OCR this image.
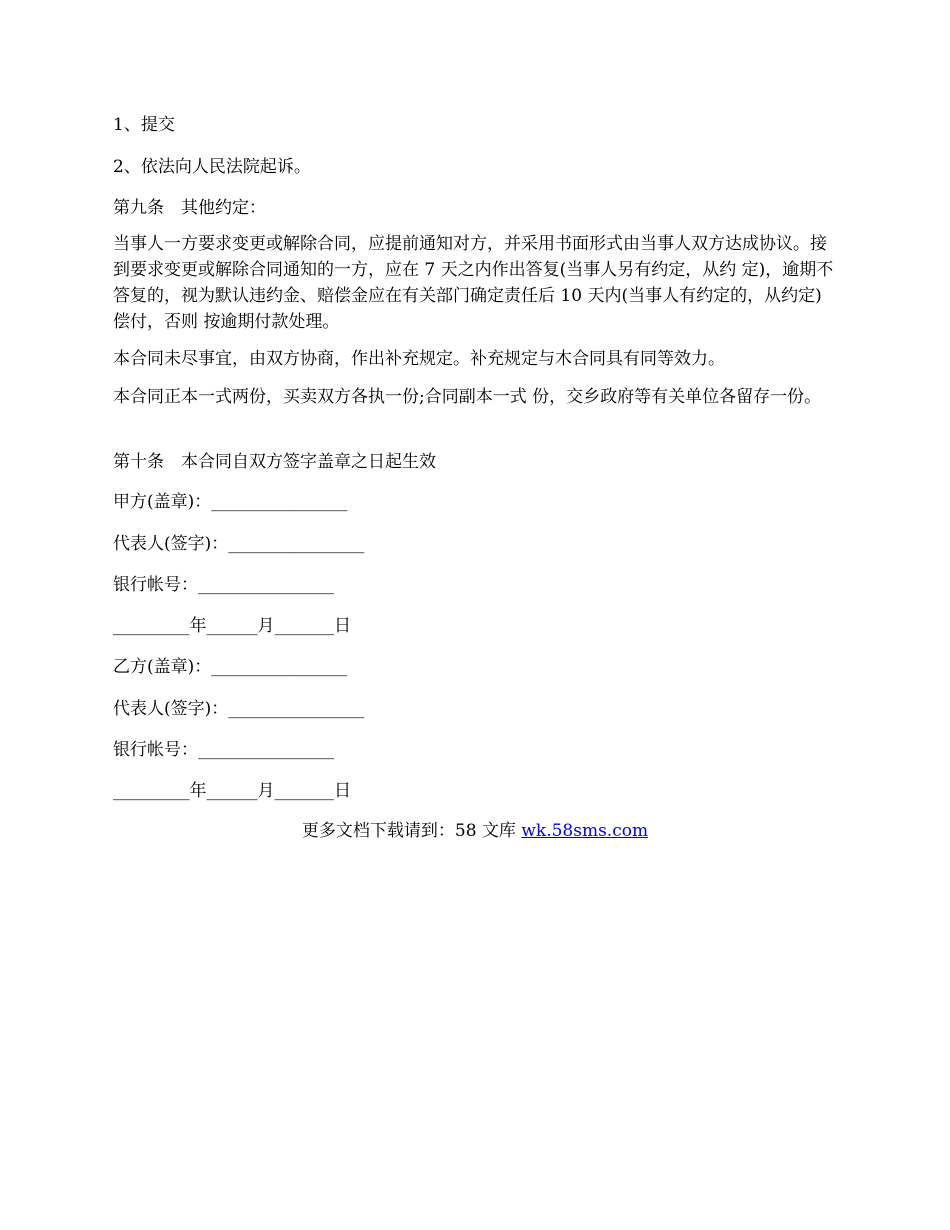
1、提交

2、依法向人民法院起诉。

第九条　其他约定：

当事人一方要求变更或解除合同，应提前通知对方，并采用书面形式由当事人双方达成协议。接到要求变更或解除合同通知的一方，应在 7 天之内作出答复(当事人另有约定，从约 定)，逾期不答复的，视为默认违约金、赔偿金应在有关部门确定责任后 10 天内(当事人有约定的，从约定)偿付，否则 按逾期付款处理。

本合同未尽事宜，由双方协商，作出补充规定。补充规定与木合同具有同等效力。

本合同正本一式两份，买卖双方各执一份;合同副本一式 份，交乡政府等有关单位各留存一份。

第十条　本合同自双方签字盖章之日起生效

甲方(盖章)：________________

代表人(签字)：________________

银行帐号：________________

_________年______月_______日

乙方(盖章)：________________

代表人(签字)：________________

银行帐号：________________

_________年______月_______日

更多文档下载请到：58 文库 wk.58sms.com
